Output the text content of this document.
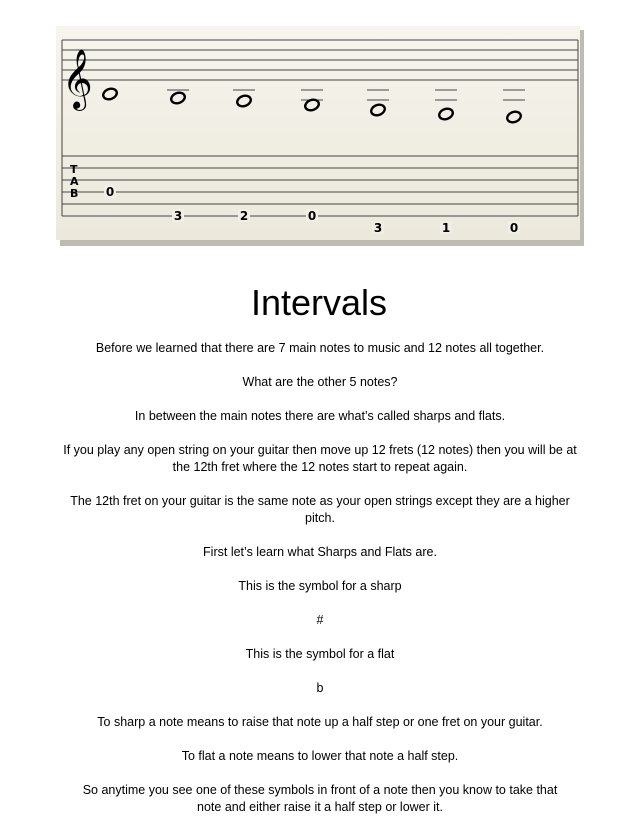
𝄞
T
A
B 0
3	2	0
3	1	0
Intervals

Before we learned that there are 7 main notes to music and 12 notes all together.

What are the other 5 notes?

In between the main notes there are what’s called sharps and flats.

If you play any open string on your guitar then move up 12 frets (12 notes) then you will be at the 12th fret where the 12 notes start to repeat again.

The 12th fret on your guitar is the same note as your open strings except they are a higher pitch.

First let’s learn what Sharps and Flats are.

This is the symbol for a sharp

#

This is the symbol for a flat

b

To sharp a note means to raise that note up a half step or one fret on your guitar.

To flat a note means to lower that note a half step.

So anytime you see one of these symbols in front of a note then you know to take that note and either raise it a half step or lower it.
